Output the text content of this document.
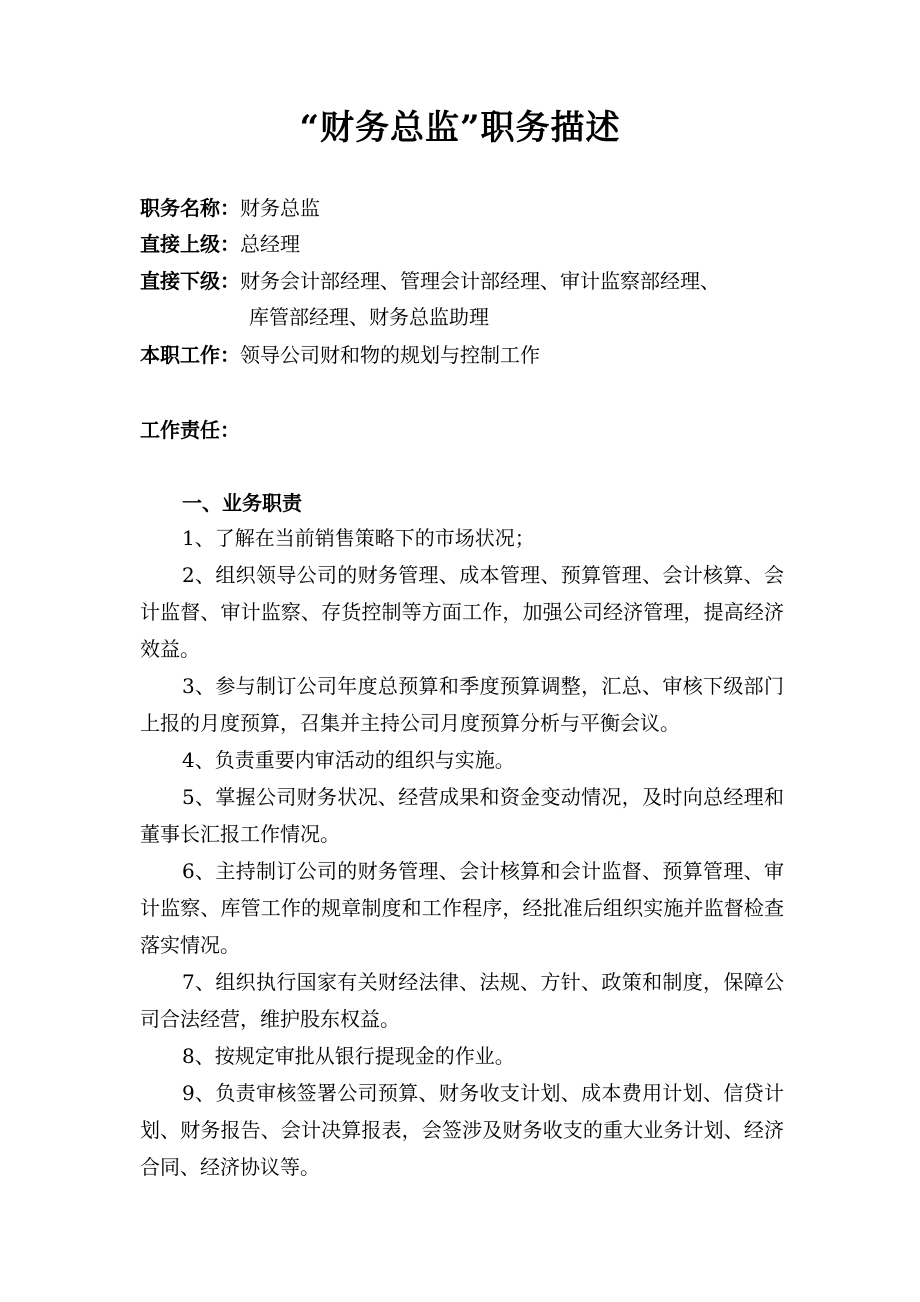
“财务总监”职务描述
职务名称：财务总监
直接上级：总经理
直接下级：财务会计部经理、管理会计部经理、审计监察部经理、
库管部经理、财务总监助理
本职工作：领导公司财和物的规划与控制工作
工作责任：
一、业务职责

1、了解在当前销售策略下的市场状况；

2、组织领导公司的财务管理、成本管理、预算管理、会计核算、会计监督、审计监察、存货控制等方面工作，加强公司经济管理，提高经济效益。

3、参与制订公司年度总预算和季度预算调整，汇总、审核下级部门上报的月度预算，召集并主持公司月度预算分析与平衡会议。

4、负责重要内审活动的组织与实施。

5、掌握公司财务状况、经营成果和资金变动情况，及时向总经理和董事长汇报工作情况。

6、主持制订公司的财务管理、会计核算和会计监督、预算管理、审计监察、库管工作的规章制度和工作程序，经批准后组织实施并监督检查落实情况。

7、组织执行国家有关财经法律、法规、方针、政策和制度，保障公司合法经营，维护股东权益。

8、按规定审批从银行提现金的作业。

9、负责审核签署公司预算、财务收支计划、成本费用计划、信贷计划、财务报告、会计决算报表，会签涉及财务收支的重大业务计划、经济合同、经济协议等。
